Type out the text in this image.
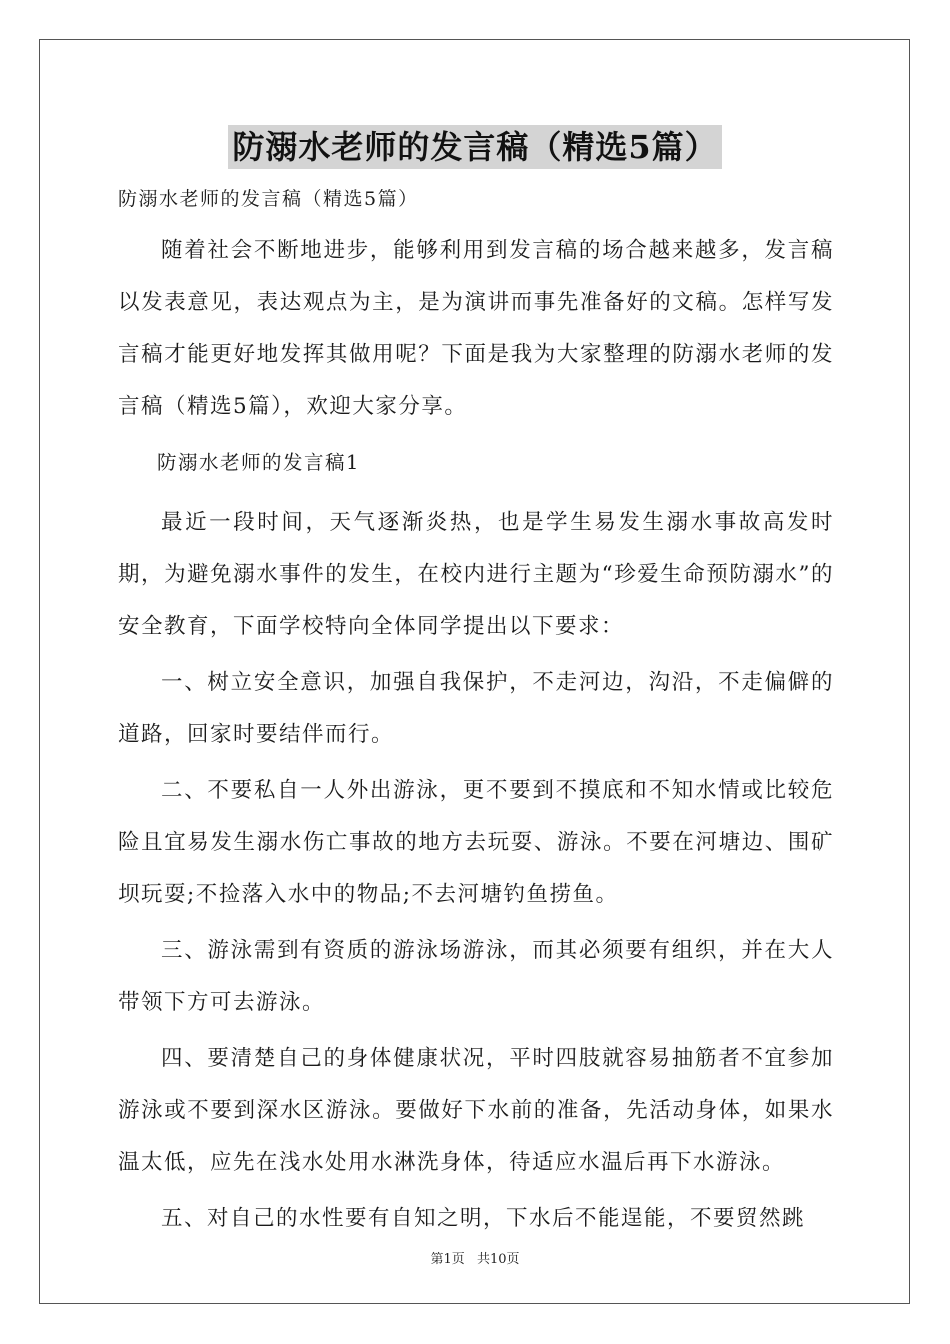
防溺水老师的发言稿（精选5篇）

防溺水老师的发言稿（精选5篇）

随着社会不断地进步，能够利用到发言稿的场合越来越多，发言稿以发表意见，表达观点为主，是为演讲而事先准备好的文稿。怎样写发言稿才能更好地发挥其做用呢？下面是我为大家整理的防溺水老师的发言稿（精选5篇），欢迎大家分享。

防溺水老师的发言稿1

最近一段时间，天气逐渐炎热，也是学生易发生溺水事故高发时期，为避免溺水事件的发生，在校内进行主题为“珍爱生命预防溺水”的安全教育，下面学校特向全体同学提出以下要求：

一、树立安全意识，加强自我保护，不走河边，沟沿，不走偏僻的道路，回家时要结伴而行。

二、不要私自一人外出游泳，更不要到不摸底和不知水情或比较危险且宜易发生溺水伤亡事故的地方去玩耍、游泳。不要在河塘边、围矿坝玩耍;不捡落入水中的物品;不去河塘钓鱼捞鱼。

三、游泳需到有资质的游泳场游泳，而其必须要有组织，并在大人带领下方可去游泳。

四、要清楚自己的身体健康状况，平时四肢就容易抽筋者不宜参加游泳或不要到深水区游泳。要做好下水前的准备，先活动身体，如果水温太低，应先在浅水处用水淋洗身体，待适应水温后再下水游泳。

五、对自己的水性要有自知之明，下水后不能逞能，不要贸然跳

第1页 共10页
